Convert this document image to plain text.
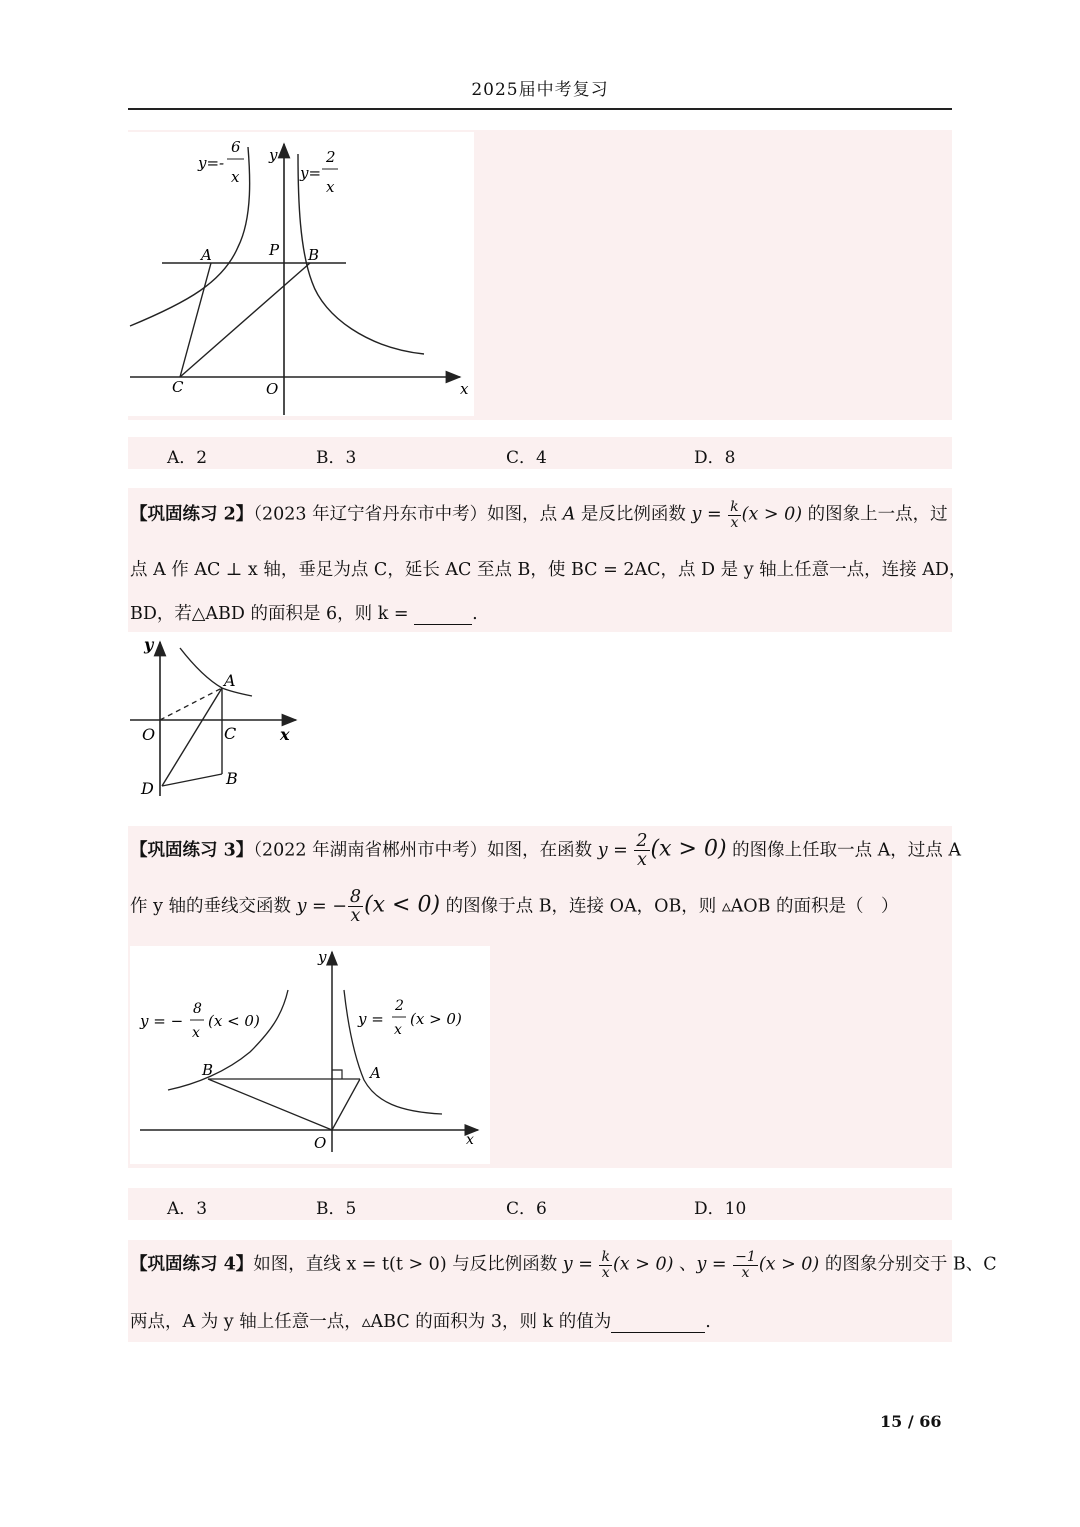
2025届中考复习
y=-
6
x	y=
2
x
y
x
A	P B
C	O
A．2	B．3	C．4	D．8
【巩固练习 2】（2023 年辽宁省丹东市中考）如图，点 A 是反比例函数 $y = \frac{k}{x} (x > 0)$ 的图象上一点，过
点 A 作 AC ⊥ x 轴，垂足为点 C，延长 AC 至点 B，使 BC = 2AC，点 D 是 y 轴上任意一点，连接 AD，
BD，若△ABD 的面积是 6，则 k =	.
y
x
A
O	C
B
D
【巩固练习 3】（2022 年湖南省郴州市中考）如图，在函数 $y = \frac{2}{x} (x > 0)$ 的图像上任取一点 A，过点 A
作 y 轴的垂线交函数 y = − $\frac{8}{x} (x < 0)$ 的图像于点 B，连接 OA，OB，则 ▵AOB 的面积是（　）
y = −
8
x
(x < 0)	y =
2
x
(x > 0)
y
x
B	A
O
A．3	B．5	C．6	D．10
【巩固练习 4】如图，直线 x = t(t > 0) 与反比例函数 $y = \frac{k}{x} (x > 0)$ 、$y = \frac{-1}{x} (x > 0)$ 的图象分别交于 B、C
两点，A 为 y 轴上任意一点，▵ABC 的面积为 3，则 k 的值为	.
15 / 66
